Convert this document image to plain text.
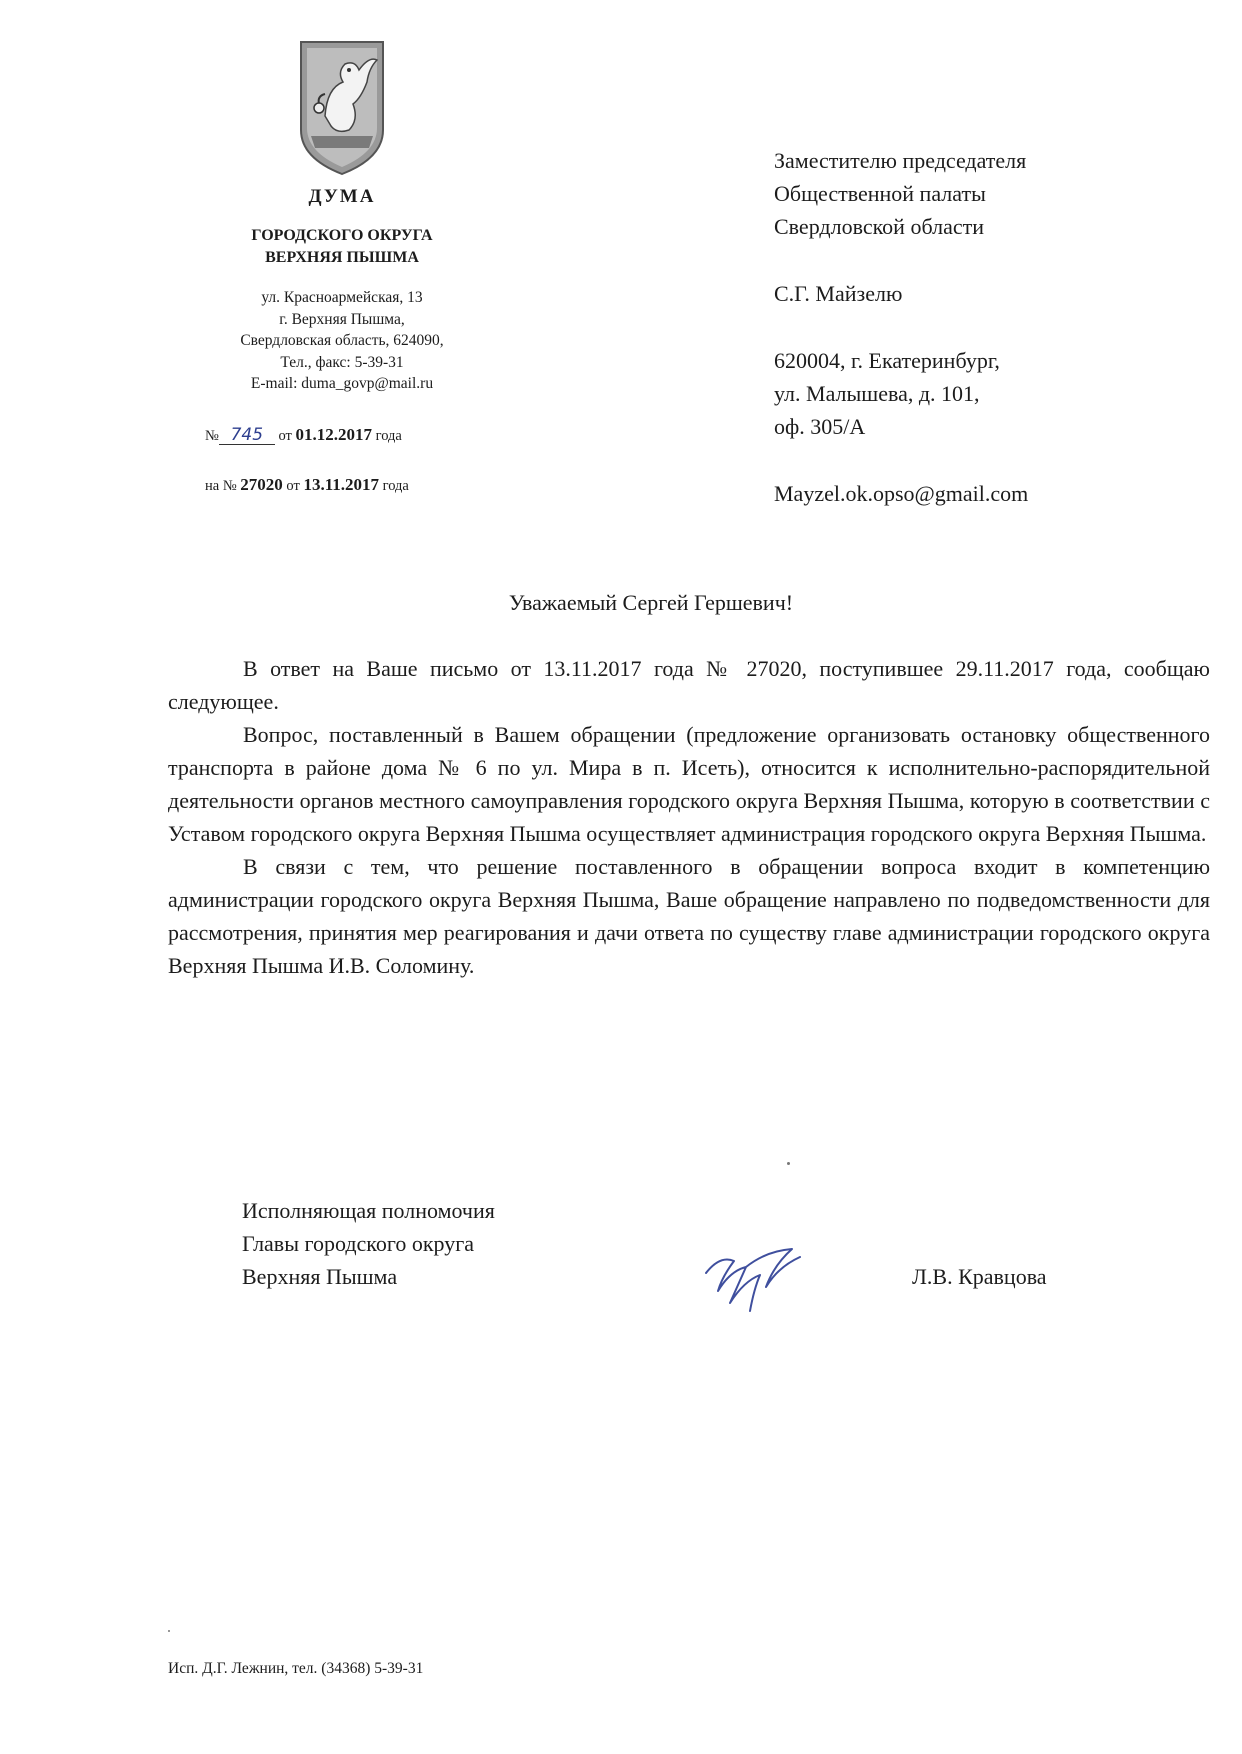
ДУМА
ГОРОДСКОГО ОКРУГА
ВЕРХНЯЯ ПЫШМА
ул. Красноармейская, 13
г. Верхняя Пышма,
Свердловская область, 624090,
Тел., факс: 5-39-31
E-mail: duma_govp@mail.ru
№ 745 от 01.12.2017 года
на № 27020 от 13.11.2017 года
Заместителю председателя
Общественной палаты
Свердловской области
С.Г. Майзелю
620004, г. Екатеринбург,
ул. Малышева, д. 101,
оф. 305/А
Mayzel.ok.opso@gmail.com
Уважаемый Сергей Гершевич!

В ответ на Ваше письмо от 13.11.2017 года № 27020, поступившее 29.11.2017 года, сообщаю следующее.

Вопрос, поставленный в Вашем обращении (предложение организовать остановку общественного транспорта в районе дома № 6 по ул. Мира в п. Исеть), относится к исполнительно-распорядительной деятельности органов местного самоуправления городского округа Верхняя Пышма, которую в соответствии с Уставом городского округа Верхняя Пышма осуществляет администрация городского округа Верхняя Пышма.

В связи с тем, что решение поставленного в обращении вопроса входит в компетенцию администрации городского округа Верхняя Пышма, Ваше обращение направлено по подведомственности для рассмотрения, принятия мер реагирования и дачи ответа по существу главе администрации городского округа Верхняя Пышма И.В. Соломину.

Исполняющая полномочия
Главы городского округа
Верхняя Пышма	Л.В. Кравцова
Исп. Д.Г. Лежнин, тел. (34368) 5-39-31
